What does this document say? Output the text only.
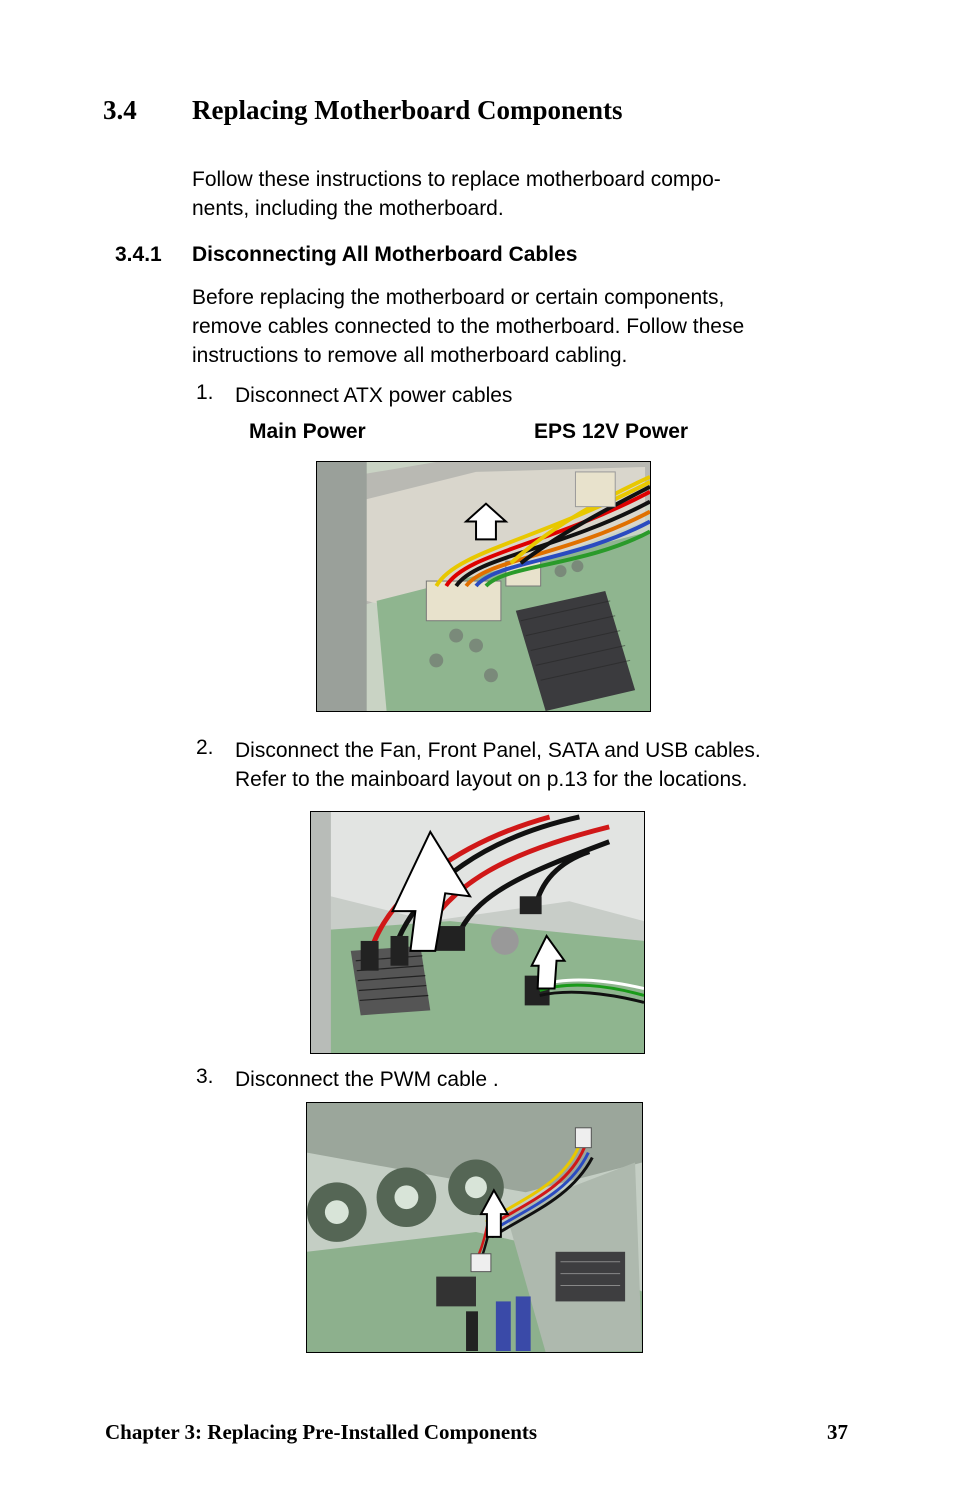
3.4 Replacing Motherboard Components
Follow these instructions to replace motherboard compo-
nents, including the motherboard.
3.4.1 Disconnecting All Motherboard Cables
Before replacing the motherboard or certain components,
remove cables connected to the motherboard. Follow these
instructions to remove all motherboard cabling.
1. Disconnect ATX power cables
Main Power	EPS 12V Power
2. Disconnect the Fan, Front Panel, SATA and USB cables.
Refer to the mainboard layout on p.13 for the locations.
3. Disconnect the PWM cable .
Chapter 3: Replacing Pre-Installed Components	37
